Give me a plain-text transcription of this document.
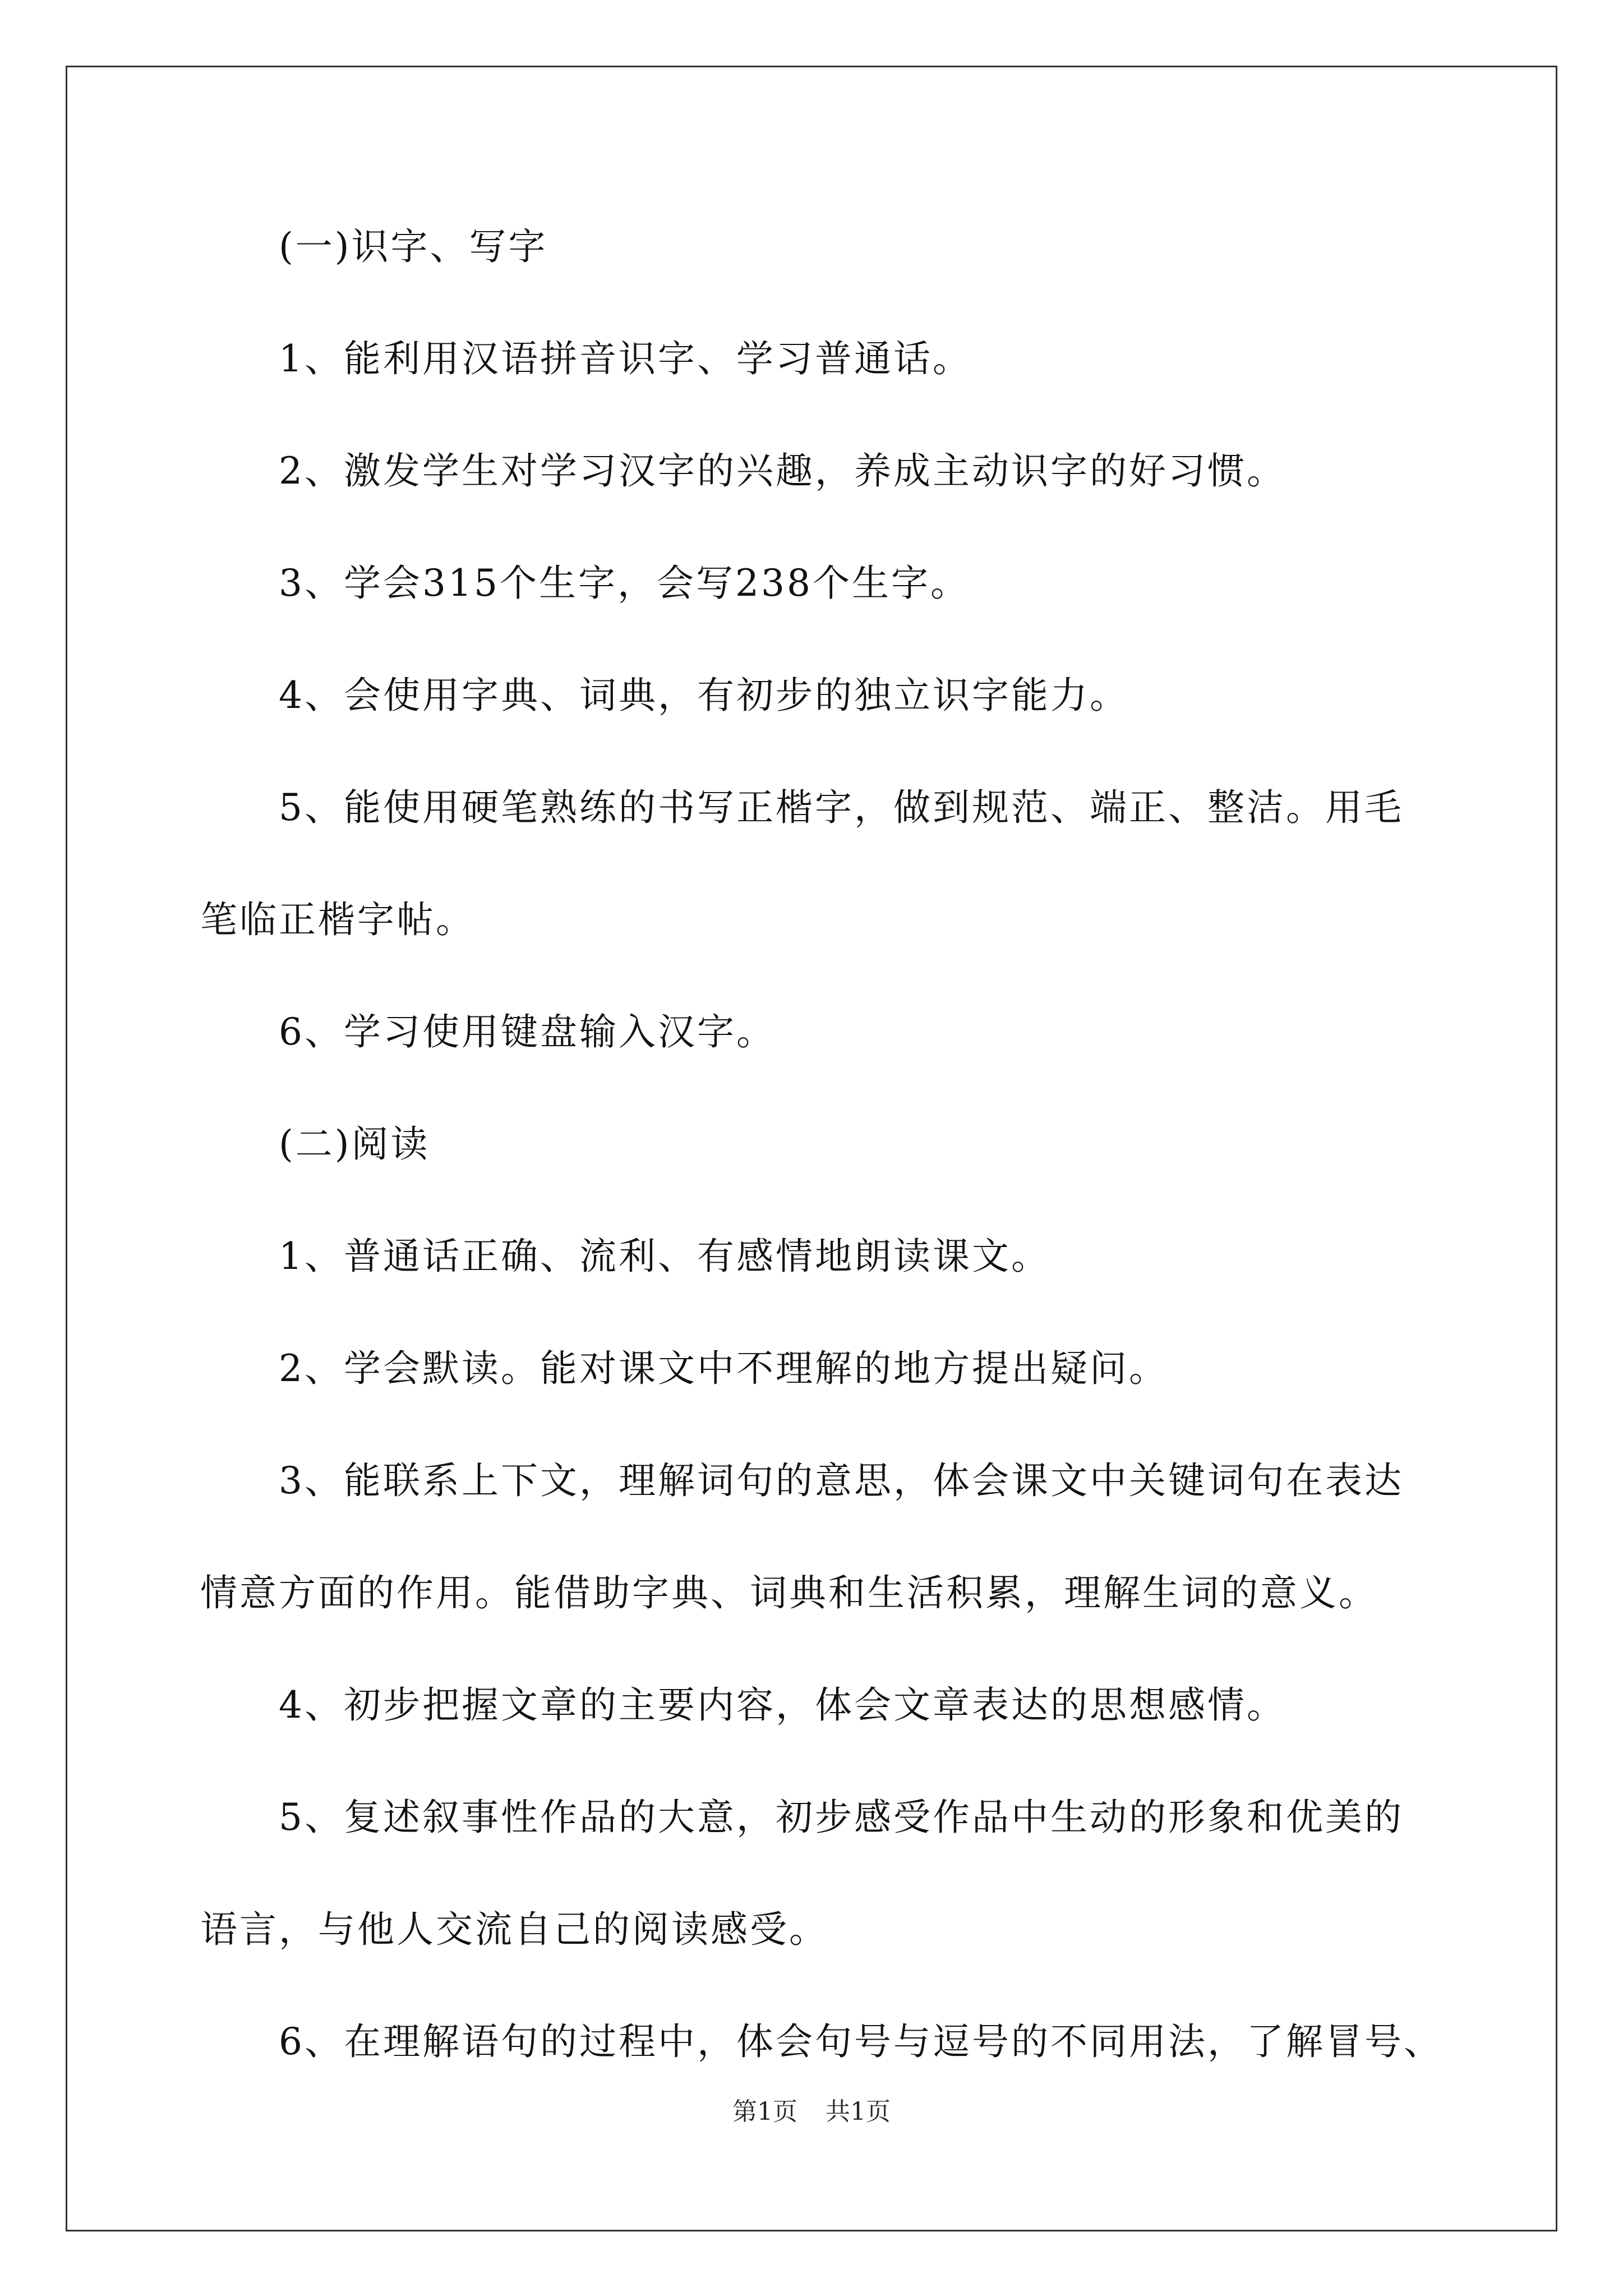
(一)识字、写字
1、能利用汉语拼音识字、学习普通话。
2、激发学生对学习汉字的兴趣，养成主动识字的好习惯。
3、学会315个生字，会写238个生字。
4、会使用字典、词典，有初步的独立识字能力。
5、能使用硬笔熟练的书写正楷字，做到规范、端正、整洁。用毛
笔临正楷字帖。
6、学习使用键盘输入汉字。
(二)阅读
1、普通话正确、流利、有感情地朗读课文。
2、学会默读。能对课文中不理解的地方提出疑问。
3、能联系上下文，理解词句的意思，体会课文中关键词句在表达
情意方面的作用。能借助字典、词典和生活积累，理解生词的意义。
4、初步把握文章的主要内容，体会文章表达的思想感情。
5、复述叙事性作品的大意，初步感受作品中生动的形象和优美的
语言，与他人交流自己的阅读感受。
6、在理解语句的过程中，体会句号与逗号的不同用法，了解冒号、
第1页 共1页
